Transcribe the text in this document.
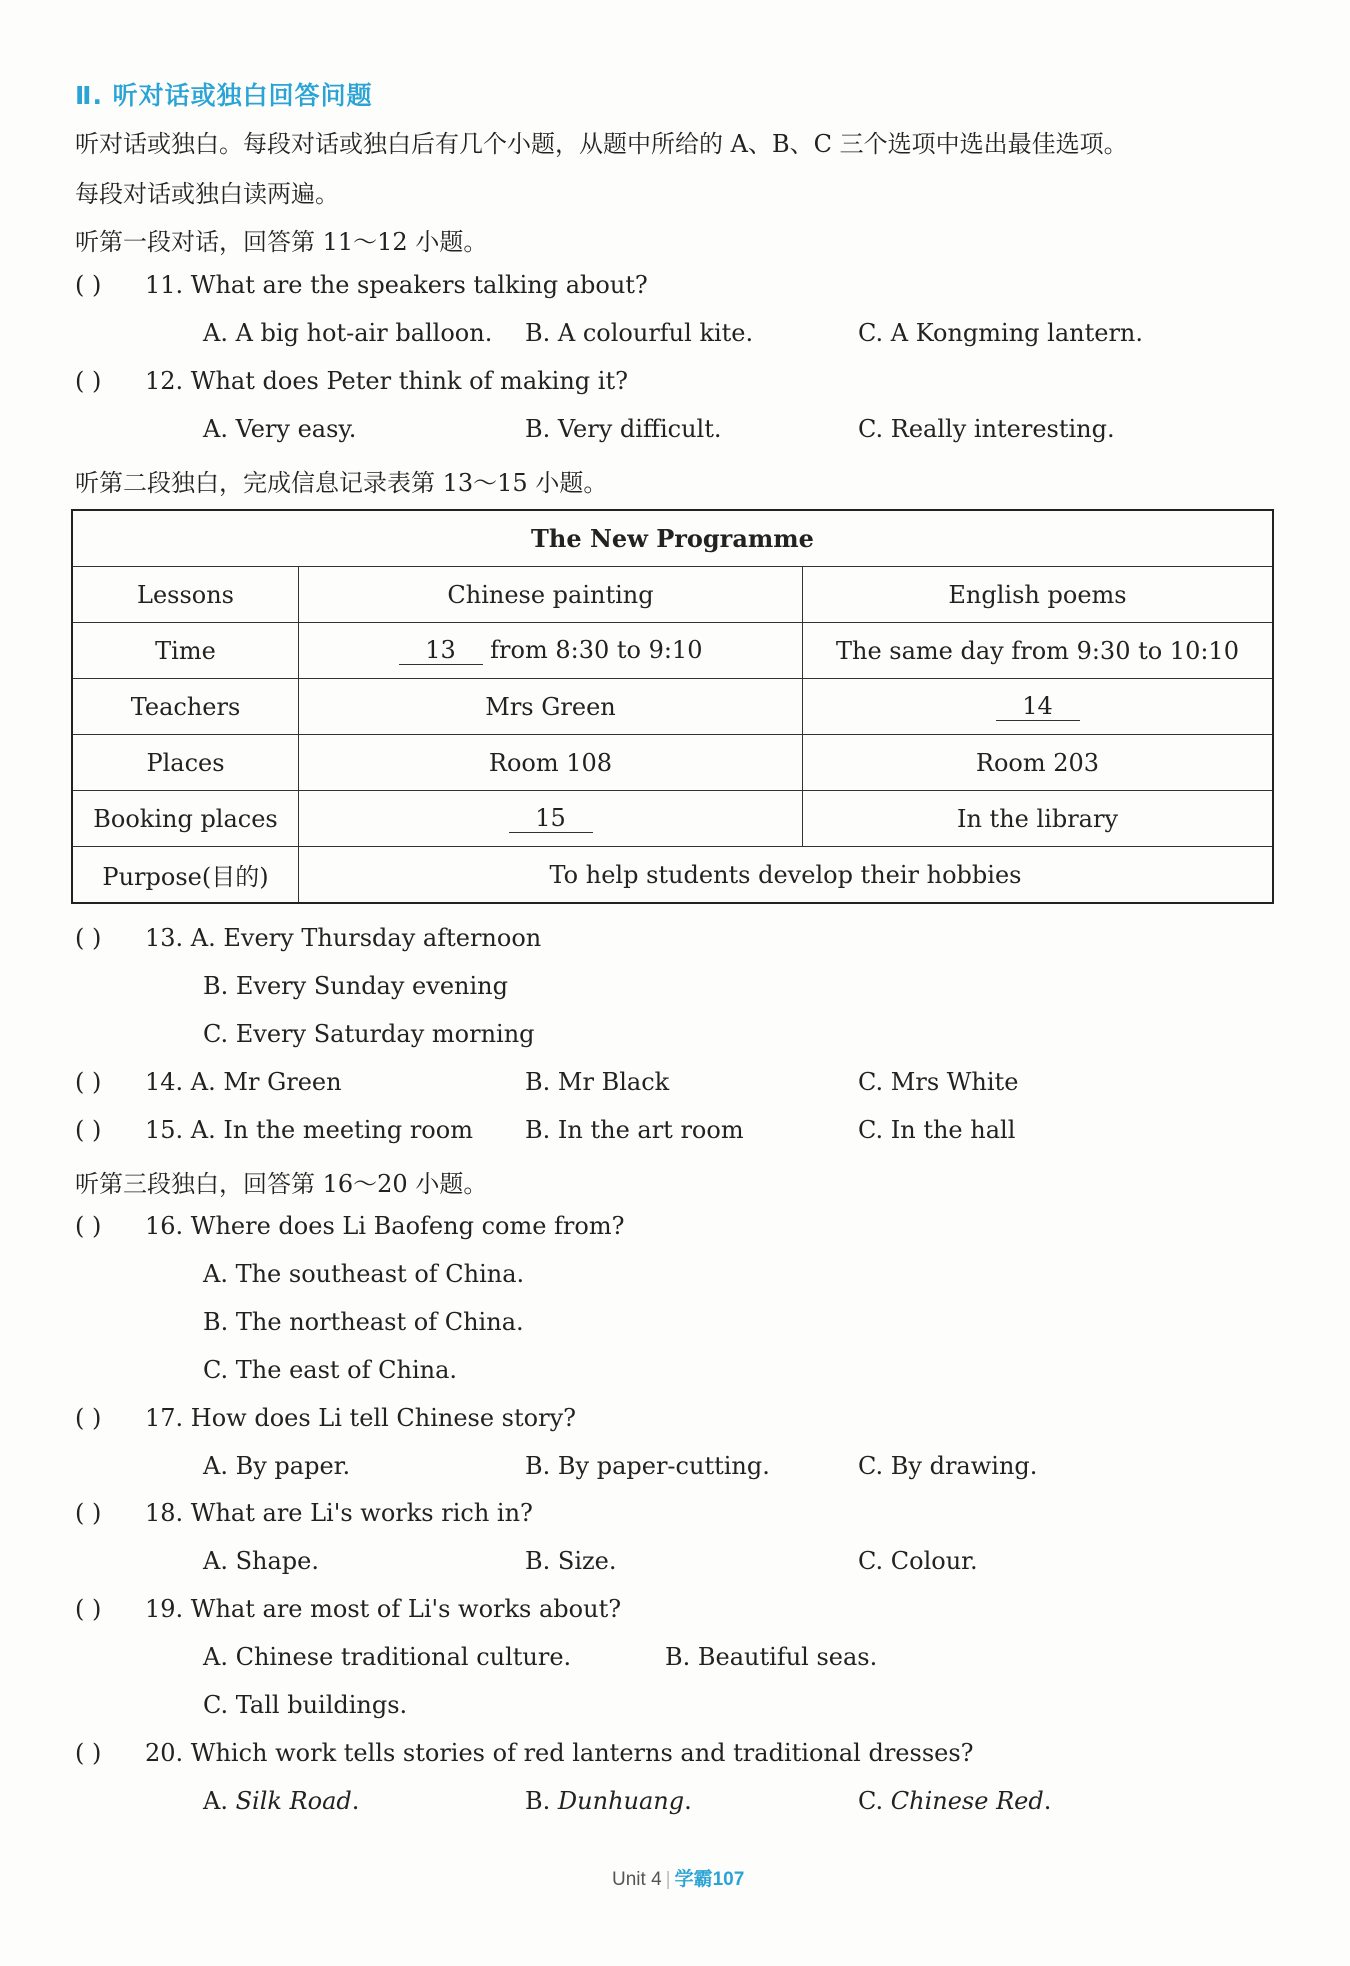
Ⅱ. 听对话或独白回答问题
听对话或独白。每段对话或独白后有几个小题，从题中所给的 A、B、C 三个选项中选出最佳选项。
每段对话或独白读两遍。
听第一段对话，回答第 11～12 小题。
( ) 11. What are the speakers talking about?
A. A big hot-air balloon. B. A colourful kite.	C. A Kongming lantern.
( ) 12. What does Peter think of making it?
A. Very easy.	B. Very difficult.	C. Really interesting.
听第二段独白，完成信息记录表第 13～15 小题。
The New Programme		
Lessons	Chinese painting	English poems
Time	13 from 8:30 to 9:10	The same day from 9:30 to 10:10
Teachers	Mrs Green	14
Places	Room 108	Room 203
Booking places	15	In the library
Purpose(目的)	To help students develop their hobbies	
( ) 13. A. Every Thursday afternoon
B. Every Sunday evening
C. Every Saturday morning
( ) 14. A. Mr Green	B. Mr Black	C. Mrs White
( ) 15. A. In the meeting room B. In the art room	C. In the hall
听第三段独白，回答第 16～20 小题。
( ) 16. Where does Li Baofeng come from?
A. The southeast of China.
B. The northeast of China.
C. The east of China.
( ) 17. How does Li tell Chinese story?
A. By paper.	B. By paper-cutting.	C. By drawing.
( ) 18. What are Li's works rich in?
A. Shape.	B. Size.	C. Colour.
( ) 19. What are most of Li's works about?
A. Chinese traditional culture.	B. Beautiful seas.
C. Tall buildings.
( ) 20. Which work tells stories of red lanterns and traditional dresses?
A. Silk Road.	B. Dunhuang.	C. Chinese Red.
Unit 4 | 学霸107
